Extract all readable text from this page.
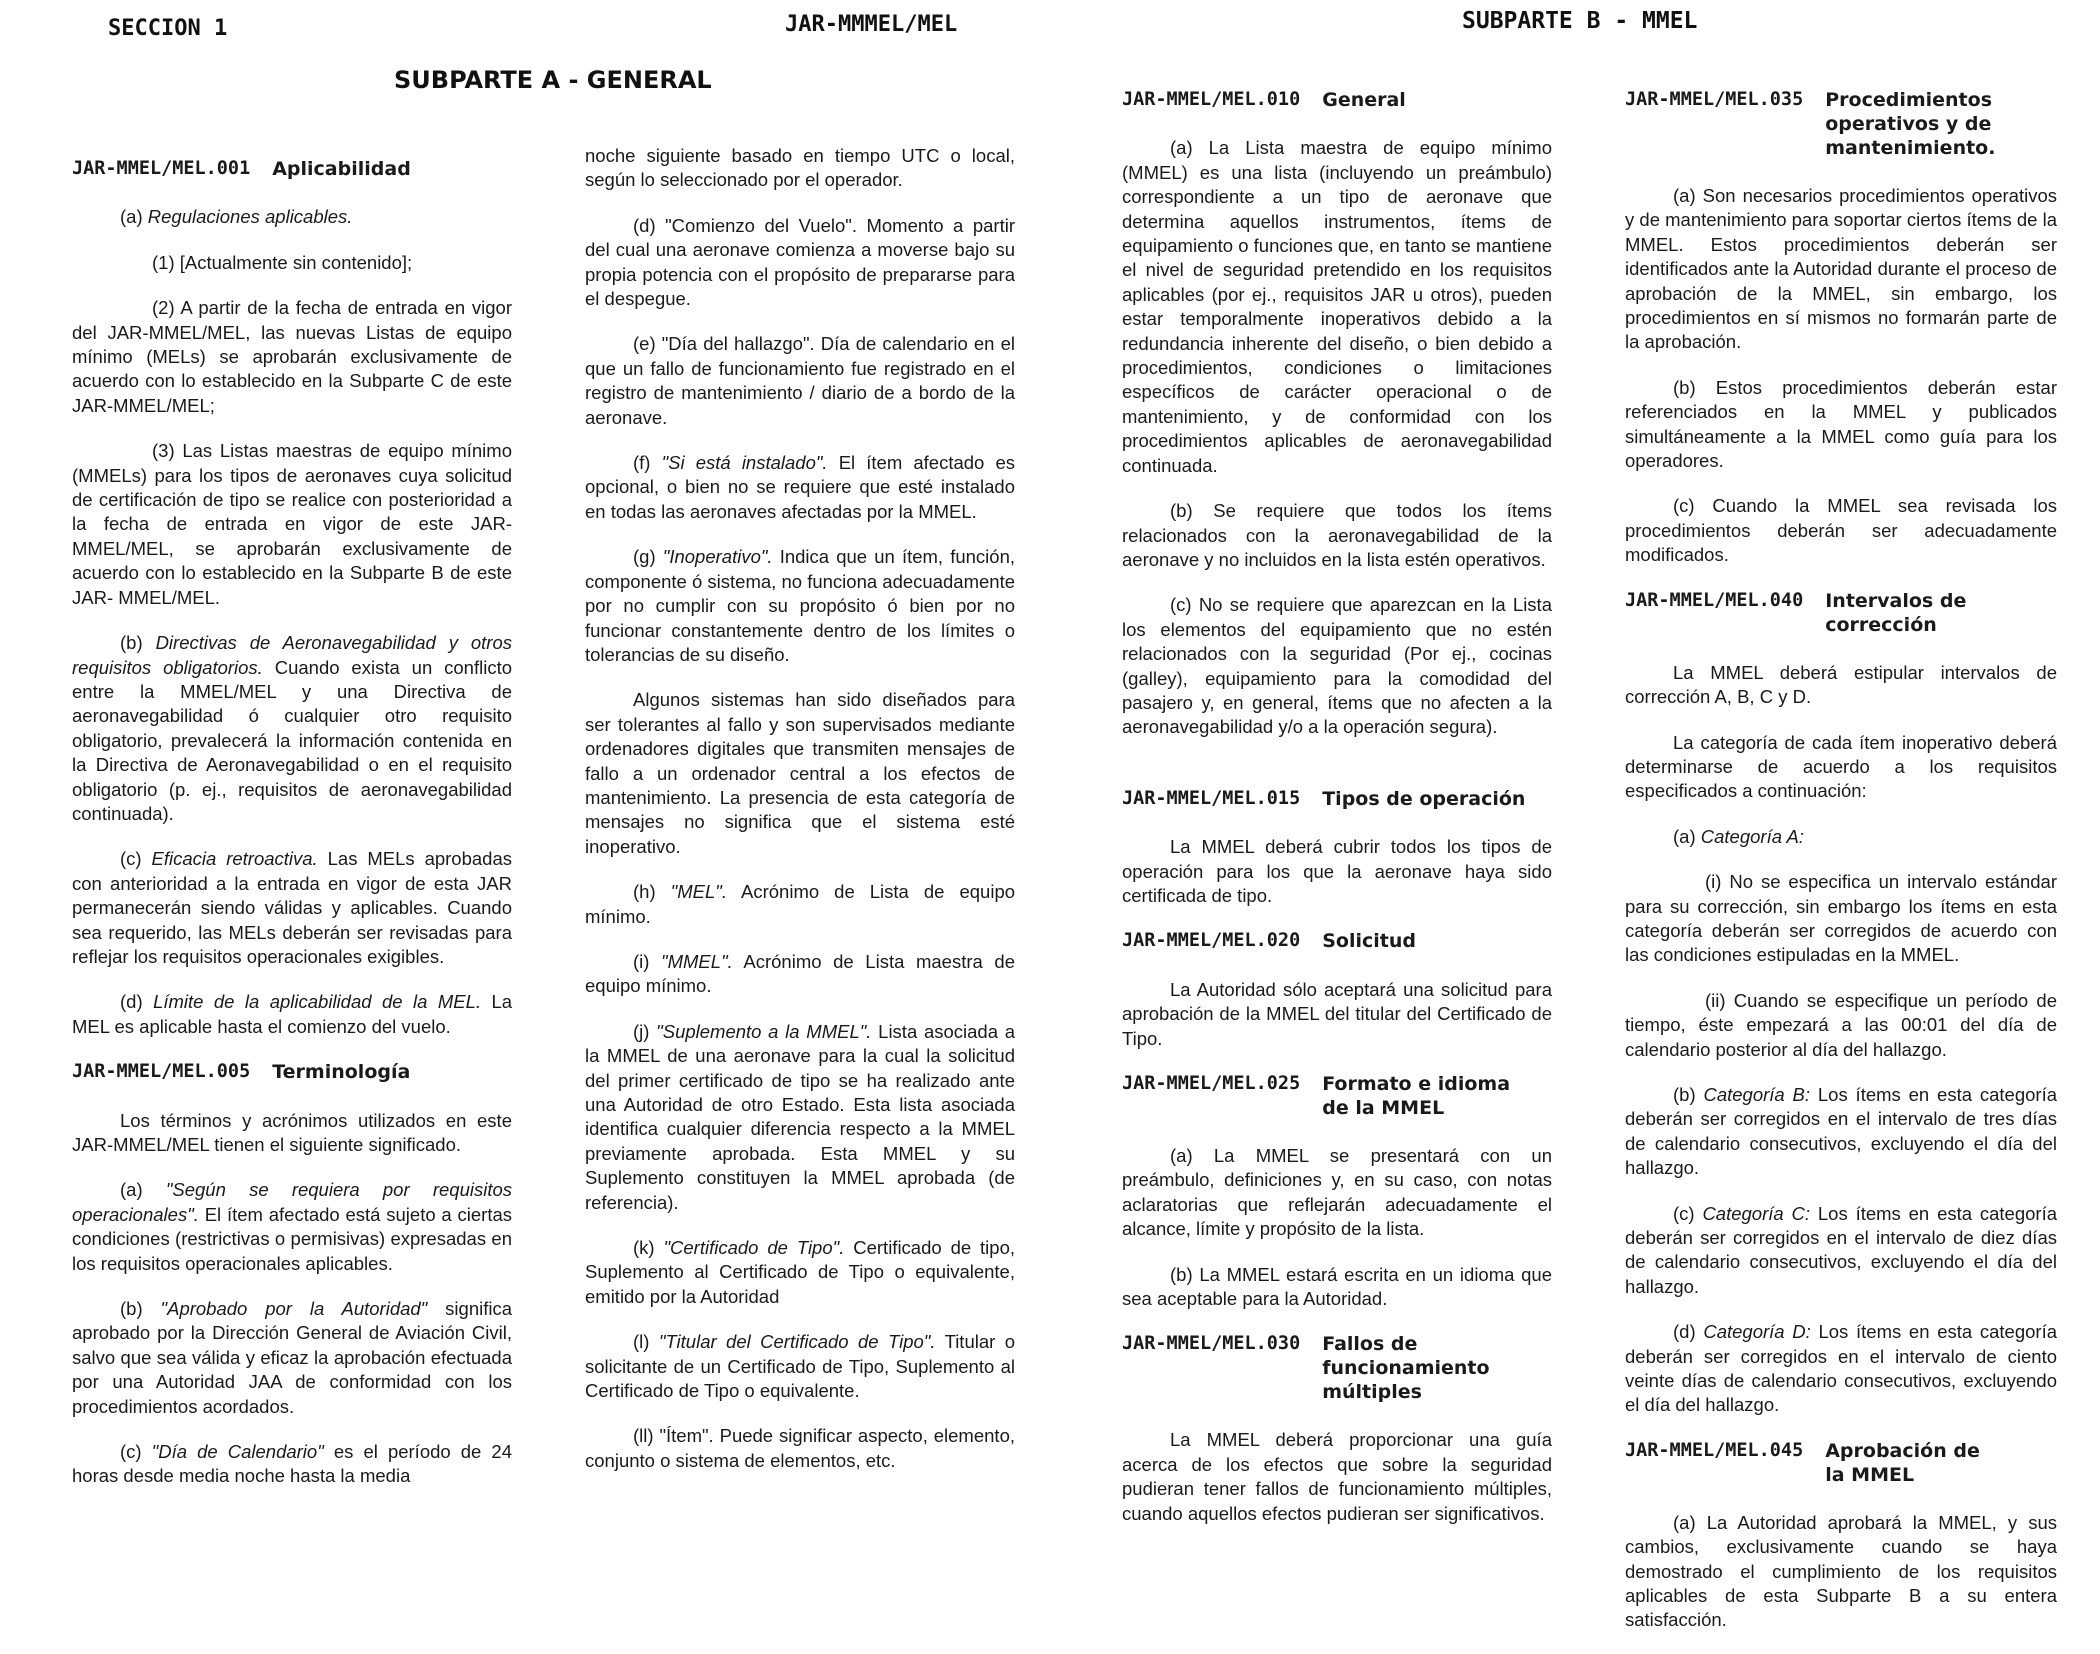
SECCION 1	JAR-MMMEL/MEL	SUBPARTE B - MMEL
SUBPARTE A - GENERAL
JAR-MMEL/MEL.001 Aplicabilidad

(a) Regulaciones aplicables.

(1) [Actualmente sin contenido];

(2) A partir de la fecha de entrada en vigor del JAR-MMEL/MEL, las nuevas Listas de equipo mínimo (MELs) se aprobarán exclusivamente de acuerdo con lo establecido en la Subparte C de este JAR-MMEL/MEL;

(3) Las Listas maestras de equipo mínimo (MMELs) para los tipos de aeronaves cuya solicitud de certificación de tipo se realice con posterioridad a la fecha de entrada en vigor de este JAR-MMEL/MEL, se aprobarán exclusivamente de acuerdo con lo establecido en la Subparte B de este JAR- MMEL/MEL.

(b) Directivas de Aeronavegabilidad y otros requisitos obligatorios. Cuando exista un conflicto entre la MMEL/MEL y una Directiva de aeronavegabilidad ó cualquier otro requisito obligatorio, prevalecerá la información contenida en la Directiva de Aeronavegabilidad o en el requisito obligatorio (p. ej., requisitos de aeronavegabilidad continuada).

(c) Eficacia retroactiva. Las MELs aprobadas con anterioridad a la entrada en vigor de esta JAR permanecerán siendo válidas y aplicables. Cuando sea requerido, las MELs deberán ser revisadas para reflejar los requisitos operacionales exigibles.

(d) Límite de la aplicabilidad de la MEL. La MEL es aplicable hasta el comienzo del vuelo.

JAR-MMEL/MEL.005 Terminología

Los términos y acrónimos utilizados en este JAR-MMEL/MEL tienen el siguiente significado.

(a) "Según se requiera por requisitos operacionales". El ítem afectado está sujeto a ciertas condiciones (restrictivas o permisivas) expresadas en los requisitos operacionales aplicables.

(b) "Aprobado por la Autoridad" significa aprobado por la Dirección General de Aviación Civil, salvo que sea válida y eficaz la aprobación efectuada por una Autoridad JAA de conformidad con los procedimientos acordados.

(c) "Día de Calendario" es el período de 24 horas desde media noche hasta la media

noche siguiente basado en tiempo UTC o local, según lo seleccionado por el operador.

(d) "Comienzo del Vuelo". Momento a partir del cual una aeronave comienza a moverse bajo su propia potencia con el propósito de prepararse para el despegue.

(e) "Día del hallazgo". Día de calendario en el que un fallo de funcionamiento fue registrado en el registro de mantenimiento / diario de a bordo de la aeronave.

(f) "Si está instalado". El ítem afectado es opcional, o bien no se requiere que esté instalado en todas las aeronaves afectadas por la MMEL.

(g) "Inoperativo". Indica que un ítem, función, componente ó sistema, no funciona adecuadamente por no cumplir con su propósito ó bien por no funcionar constantemente dentro de los límites o tolerancias de su diseño.

Algunos sistemas han sido diseñados para ser tolerantes al fallo y son supervisados mediante ordenadores digitales que transmiten mensajes de fallo a un ordenador central a los efectos de mantenimiento. La presencia de esta categoría de mensajes no significa que el sistema esté inoperativo.

(h) "MEL". Acrónimo de Lista de equipo mínimo.

(i) "MMEL". Acrónimo de Lista maestra de equipo mínimo.

(j) "Suplemento a la MMEL". Lista asociada a la MMEL de una aeronave para la cual la solicitud del primer certificado de tipo se ha realizado ante una Autoridad de otro Estado. Esta lista asociada identifica cualquier diferencia respecto a la MMEL previamente aprobada. Esta MMEL y su Suplemento constituyen la MMEL aprobada (de referencia).

(k) "Certificado de Tipo". Certificado de tipo, Suplemento al Certificado de Tipo o equivalente, emitido por la Autoridad

(l) "Titular del Certificado de Tipo". Titular o solicitante de un Certificado de Tipo, Suplemento al Certificado de Tipo o equivalente.

(ll) "Ítem". Puede significar aspecto, elemento, conjunto o sistema de elementos, etc.

JAR-MMEL/MEL.010 General

(a) La Lista maestra de equipo mínimo (MMEL) es una lista (incluyendo un preámbulo) correspondiente a un tipo de aeronave que determina aquellos instrumentos, ítems de equipamiento o funciones que, en tanto se mantiene el nivel de seguridad pretendido en los requisitos aplicables (por ej., requisitos JAR u otros), pueden estar temporalmente inoperativos debido a la redundancia inherente del diseño, o bien debido a procedimientos, condiciones o limitaciones específicos de carácter operacional o de mantenimiento, y de conformidad con los procedimientos aplicables de aeronavegabilidad continuada.

(b) Se requiere que todos los ítems relacionados con la aeronavegabilidad de la aeronave y no incluidos en la lista estén operativos.

(c) No se requiere que aparezcan en la Lista los elementos del equipamiento que no estén relacionados con la seguridad (Por ej., cocinas (galley), equipamiento para la comodidad del pasajero y, en general, ítems que no afecten a la aeronavegabilidad y/o a la operación segura).

JAR-MMEL/MEL.015 Tipos de operación

La MMEL deberá cubrir todos los tipos de operación para los que la aeronave haya sido certificada de tipo.

JAR-MMEL/MEL.020 Solicitud

La Autoridad sólo aceptará una solicitud para aprobación de la MMEL del titular del Certificado de Tipo.

JAR-MMEL/MEL.025 Formato e idioma de la MMEL

(a) La MMEL se presentará con un preámbulo, definiciones y, en su caso, con notas aclaratorias que reflejarán adecuadamente el alcance, límite y propósito de la lista.

(b) La MMEL estará escrita en un idioma que sea aceptable para la Autoridad.

JAR-MMEL/MEL.030 Fallos de funcionamiento múltiples

La MMEL deberá proporcionar una guía acerca de los efectos que sobre la seguridad pudieran tener fallos de funcionamiento múltiples, cuando aquellos efectos pudieran ser significativos.

JAR-MMEL/MEL.035 Procedimientos operativos y de mantenimiento.

(a) Son necesarios procedimientos operativos y de mantenimiento para soportar ciertos ítems de la MMEL. Estos procedimientos deberán ser identificados ante la Autoridad durante el proceso de aprobación de la MMEL, sin embargo, los procedimientos en sí mismos no formarán parte de la aprobación.

(b) Estos procedimientos deberán estar referenciados en la MMEL y publicados simultáneamente a la MMEL como guía para los operadores.

(c) Cuando la MMEL sea revisada los procedimientos deberán ser adecuadamente modificados.

JAR-MMEL/MEL.040 Intervalos de corrección

La MMEL deberá estipular intervalos de corrección A, B, C y D.

La categoría de cada ítem inoperativo deberá determinarse de acuerdo a los requisitos especificados a continuación:

(a) Categoría A:

(i) No se especifica un intervalo estándar para su corrección, sin embargo los ítems en esta categoría deberán ser corregidos de acuerdo con las condiciones estipuladas en la MMEL.

(ii) Cuando se especifique un período de tiempo, éste empezará a las 00:01 del día de calendario posterior al día del hallazgo.

(b) Categoría B: Los ítems en esta categoría deberán ser corregidos en el intervalo de tres días de calendario consecutivos, excluyendo el día del hallazgo.

(c) Categoría C: Los ítems en esta categoría deberán ser corregidos en el intervalo de diez días de calendario consecutivos, excluyendo el día del hallazgo.

(d) Categoría D: Los ítems en esta categoría deberán ser corregidos en el intervalo de ciento veinte días de calendario consecutivos, excluyendo el día del hallazgo.

JAR-MMEL/MEL.045 Aprobación de la MMEL

(a) La Autoridad aprobará la MMEL, y sus cambios, exclusivamente cuando se haya demostrado el cumplimiento de los requisitos aplicables de esta Subparte B a su entera satisfacción.
